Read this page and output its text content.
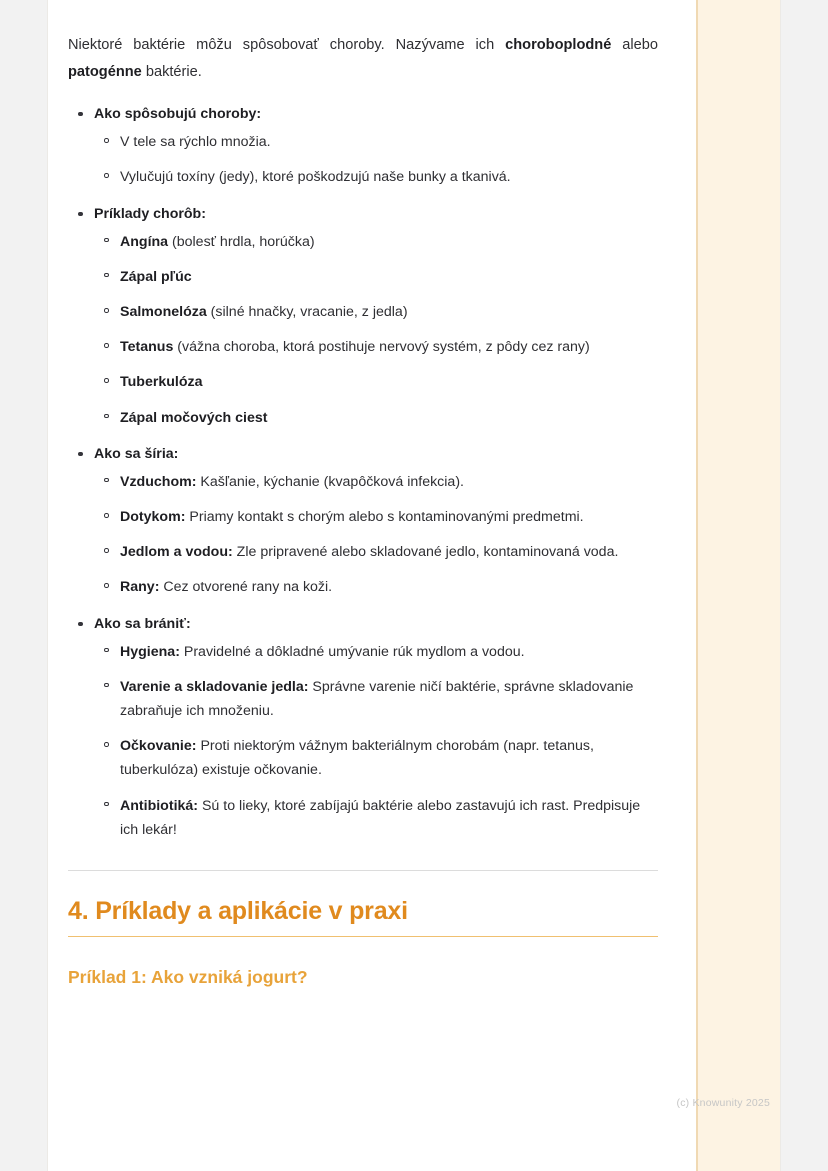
Niektoré baktérie môžu spôsobovať choroby. Nazývame ich choroboplodné alebo patogénne baktérie.

Ako spôsobujú choroby:
V tele sa rýchlo množia.
Vylučujú toxíny (jedy), ktoré poškodzujú naše bunky a tkanivá.
Príklady chorôb:
Angína (bolesť hrdla, horúčka)
Zápal pľúc
Salmonelóza (silné hnačky, vracanie, z jedla)
Tetanus (vážna choroba, ktorá postihuje nervový systém, z pôdy cez rany)
Tuberkulóza
Zápal močových ciest
Ako sa šíria:
Vzduchom: Kašľanie, kýchanie (kvapôčková infekcia).
Dotykom: Priamy kontakt s chorým alebo s kontaminovanými predmetmi.
Jedlom a vodou: Zle pripravené alebo skladované jedlo, kontaminovaná voda.
Rany: Cez otvorené rany na koži.
Ako sa brániť:
Hygiena: Pravidelné a dôkladné umývanie rúk mydlom a vodou.
Varenie a skladovanie jedla: Správne varenie ničí baktérie, správne skladovanie zabraňuje ich množeniu.
Očkovanie: Proti niektorým vážnym bakteriálnym chorobám (napr. tetanus, tuberkulóza) existuje očkovanie.
Antibiotiká: Sú to lieky, ktoré zabíjajú baktérie alebo zastavujú ich rast. Predpisuje ich lekár!
4. Príklady a aplikácie v praxi
Príklad 1: Ako vzniká jogurt?
(c) Knowunity 2025
